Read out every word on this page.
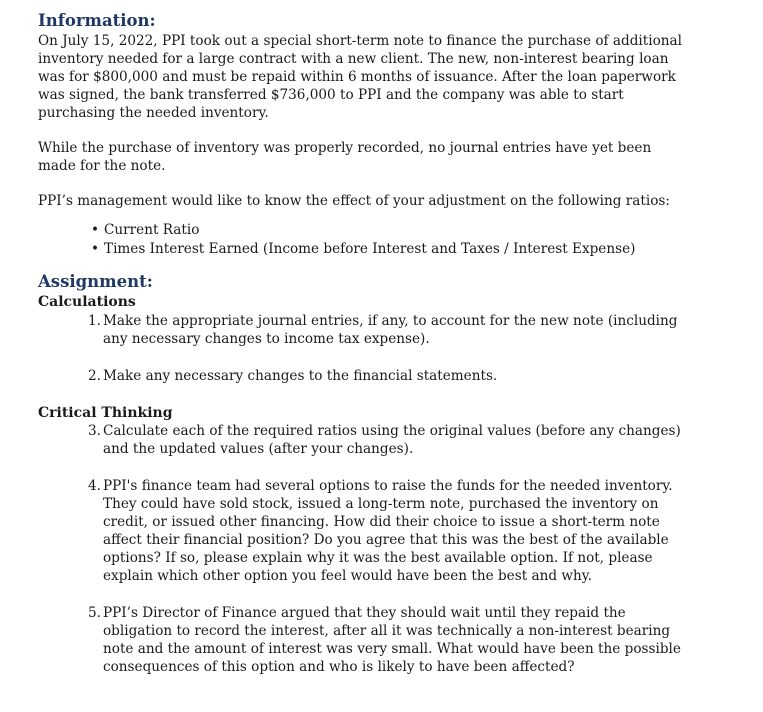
Information:

On July 15, 2022, PPI took out a special short-term note to finance the purchase of additional inventory needed for a large contract with a new client. The new, non-interest bearing loan was for $800,000 and must be repaid within 6 months of issuance. After the loan paperwork was signed, the bank transferred $736,000 to PPI and the company was able to start purchasing the needed inventory.

While the purchase of inventory was properly recorded, no journal entries have yet been made for the note.

PPI’s management would like to know the effect of your adjustment on the following ratios:

• Current Ratio
• Times Interest Earned (Income before Interest and Taxes / Interest Expense)
Assignment:
Calculations
1. Make the appropriate journal entries, if any, to account for the new note (including any necessary changes to income tax expense).
2. Make any necessary changes to the financial statements.
Critical Thinking
3. Calculate each of the required ratios using the original values (before any changes) and the updated values (after your changes).
4. PPI's finance team had several options to raise the funds for the needed inventory. They could have sold stock, issued a long-term note, purchased the inventory on credit, or issued other financing. How did their choice to issue a short-term note affect their financial position? Do you agree that this was the best of the available options? If so, please explain why it was the best available option. If not, please explain which other option you feel would have been the best and why.
5. PPI’s Director of Finance argued that they should wait until they repaid the obligation to record the interest, after all it was technically a non-interest bearing note and the amount of interest was very small. What would have been the possible consequences of this option and who is likely to have been affected?
